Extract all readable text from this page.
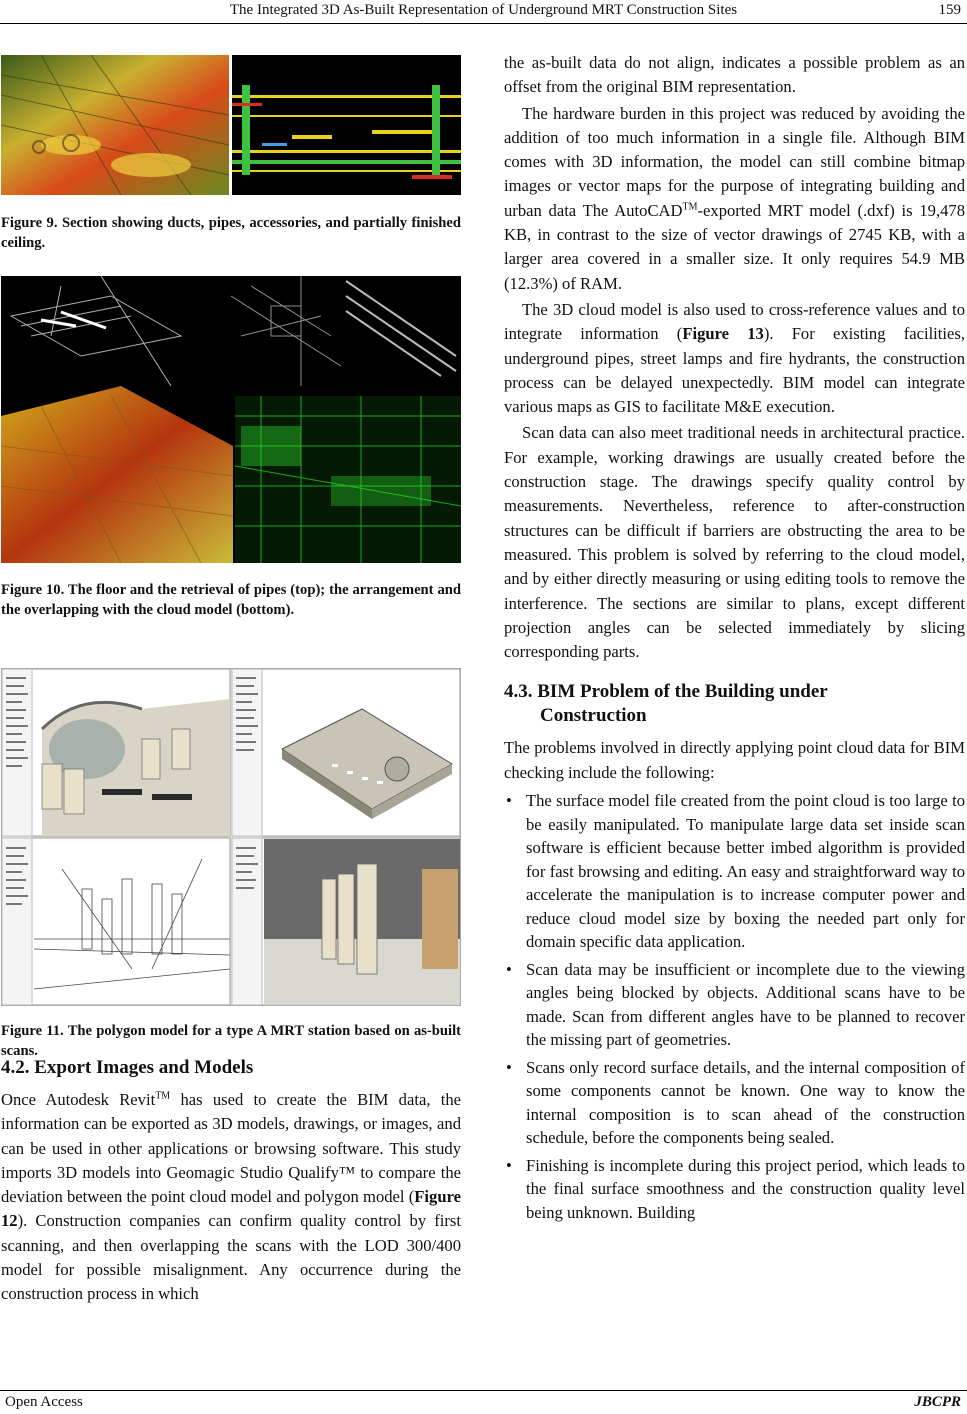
The Integrated 3D As-Built Representation of Underground MRT Construction Sites	159
Figure 9. Section showing ducts, pipes, accessories, and partially finished ceiling.
Figure 10. The floor and the retrieval of pipes (top); the arrangement and the overlapping with the cloud model (bottom).
Figure 11. The polygon model for a type A MRT station based on as-built scans.
4.2. Export Images and Models

Once Autodesk Revit™ has used to create the BIM data, the information can be exported as 3D models, drawings, or images, and can be used in other applications or browsing software. This study imports 3D models into Geomagic Studio Qualify™ to compare the deviation between the point cloud model and polygon model (Figure 12). Construction companies can confirm quality control by first scanning, and then overlapping the scans with the LOD 300/400 model for possible misalignment. Any occurrence during the construction process in which

the as-built data do not align, indicates a possible problem as an offset from the original BIM representation.

The hardware burden in this project was reduced by avoiding the addition of too much information in a single file. Although BIM comes with 3D information, the model can still combine bitmap images or vector maps for the purpose of integrating building and urban data The AutoCAD™-exported MRT model (.dxf) is 19,478 KB, in contrast to the size of vector drawings of 2745 KB, with a larger area covered in a smaller size. It only requires 54.9 MB (12.3%) of RAM.

The 3D cloud model is also used to cross-reference values and to integrate information (Figure 13). For existing facilities, underground pipes, street lamps and fire hydrants, the construction process can be delayed unexpectedly. BIM model can integrate various maps as GIS to facilitate M&E execution.

Scan data can also meet traditional needs in architectural practice. For example, working drawings are usually created before the construction stage. The drawings specify quality control by measurements. Nevertheless, reference to after-construction structures can be difficult if barriers are obstructing the area to be measured. This problem is solved by referring to the cloud model, and by either directly measuring or using editing tools to remove the interference. The sections are similar to plans, except different projection angles can be selected immediately by slicing corresponding parts.

4.3. BIM Problem of the Building under
Construction

The problems involved in directly applying point cloud data for BIM checking include the following:

• The surface model file created from the point cloud is too large to be easily manipulated. To manipulate large data set inside scan software is efficient because better imbed algorithm is provided for fast browsing and editing. An easy and straightforward way to accelerate the manipulation is to increase computer power and reduce cloud model size by boxing the needed part only for domain specific data application.
• Scan data may be insufficient or incomplete due to the viewing angles being blocked by objects. Additional scans have to be made. Scan from different angles have to be planned to recover the missing part of geometries.
• Scans only record surface details, and the internal composition of some components cannot be known. One way to know the internal composition is to scan ahead of the construction schedule, before the components being sealed.
• Finishing is incomplete during this project period, which leads to the final surface smoothness and the construction quality level being unknown. Building
Open Access	JBCPR
